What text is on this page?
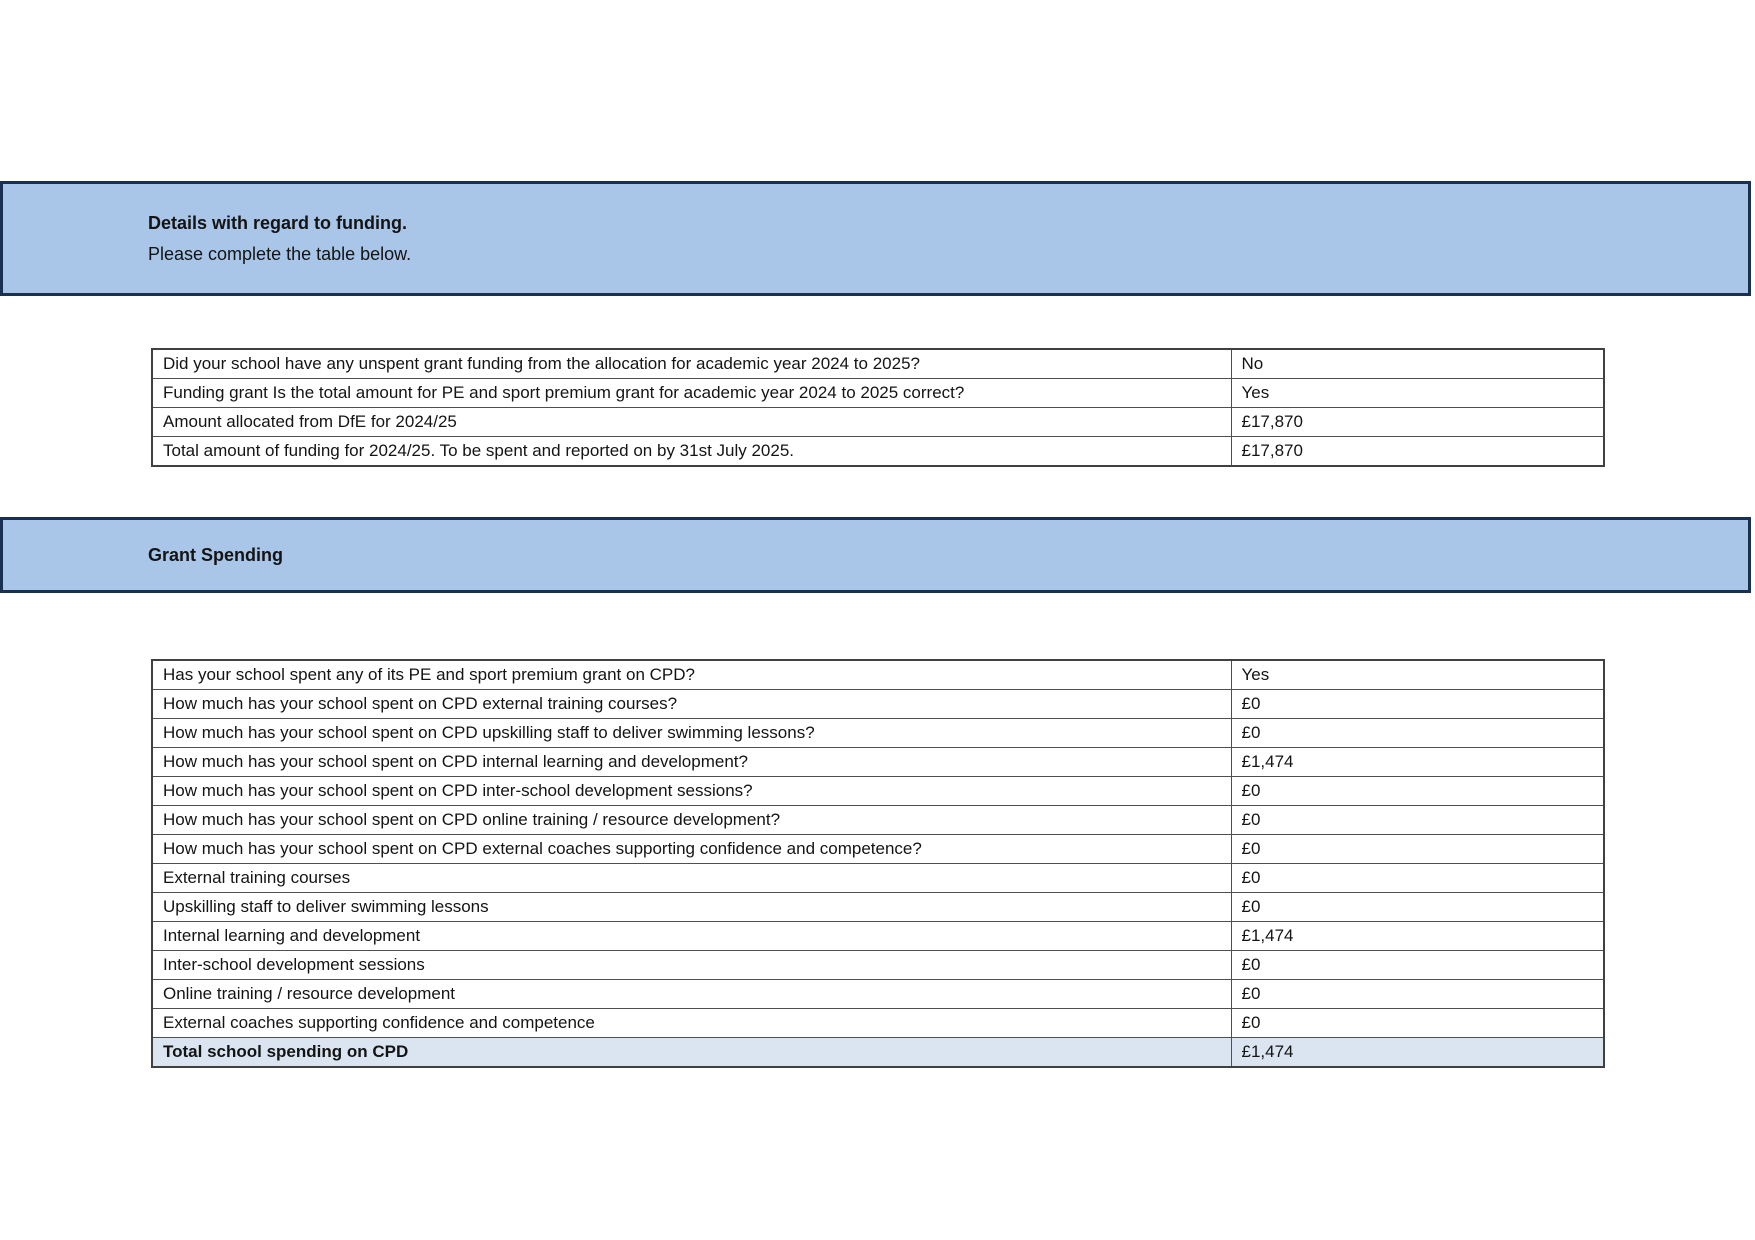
Details with regard to funding.
Please complete the table below.
Did your school have any unspent grant funding from the allocation for academic year 2024 to 2025?	No
Funding grant Is the total amount for PE and sport premium grant for academic year 2024 to 2025 correct?	Yes
Amount allocated from DfE for 2024/25	£17,870
Total amount of funding for 2024/25. To be spent and reported on by 31st July 2025.	£17,870
Grant Spending
Has your school spent any of its PE and sport premium grant on CPD?	Yes
How much has your school spent on CPD external training courses?	£0
How much has your school spent on CPD upskilling staff to deliver swimming lessons?	£0
How much has your school spent on CPD internal learning and development?	£1,474
How much has your school spent on CPD inter-school development sessions?	£0
How much has your school spent on CPD online training / resource development?	£0
How much has your school spent on CPD external coaches supporting confidence and competence?	£0
External training courses	£0
Upskilling staff to deliver swimming lessons	£0
Internal learning and development	£1,474
Inter-school development sessions	£0
Online training / resource development	£0
External coaches supporting confidence and competence	£0
Total school spending on CPD	£1,474
